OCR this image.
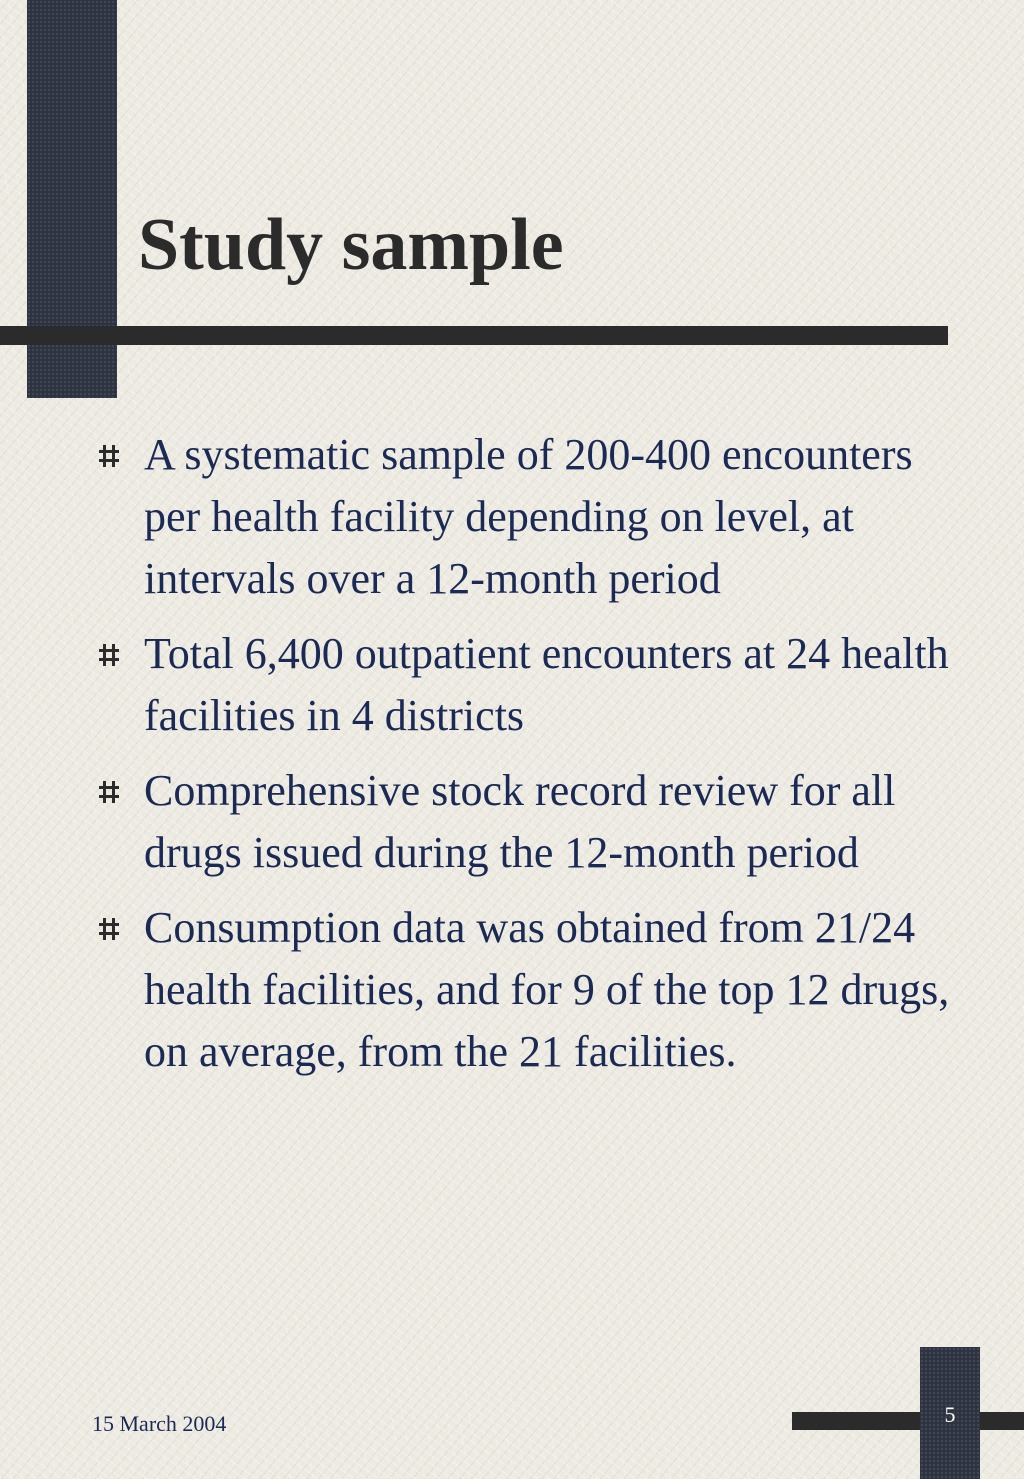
Study sample
A systematic sample of 200-400 encounters per health facility depending on level, at intervals over a 12-month period
Total 6,400 outpatient encounters at 24 health facilities in 4 districts
Comprehensive stock record review for all drugs issued during the 12-month period
Consumption data was obtained from 21/24 health facilities, and for 9 of the top 12 drugs, on average, from the 21 facilities.
15 March 2004	5
